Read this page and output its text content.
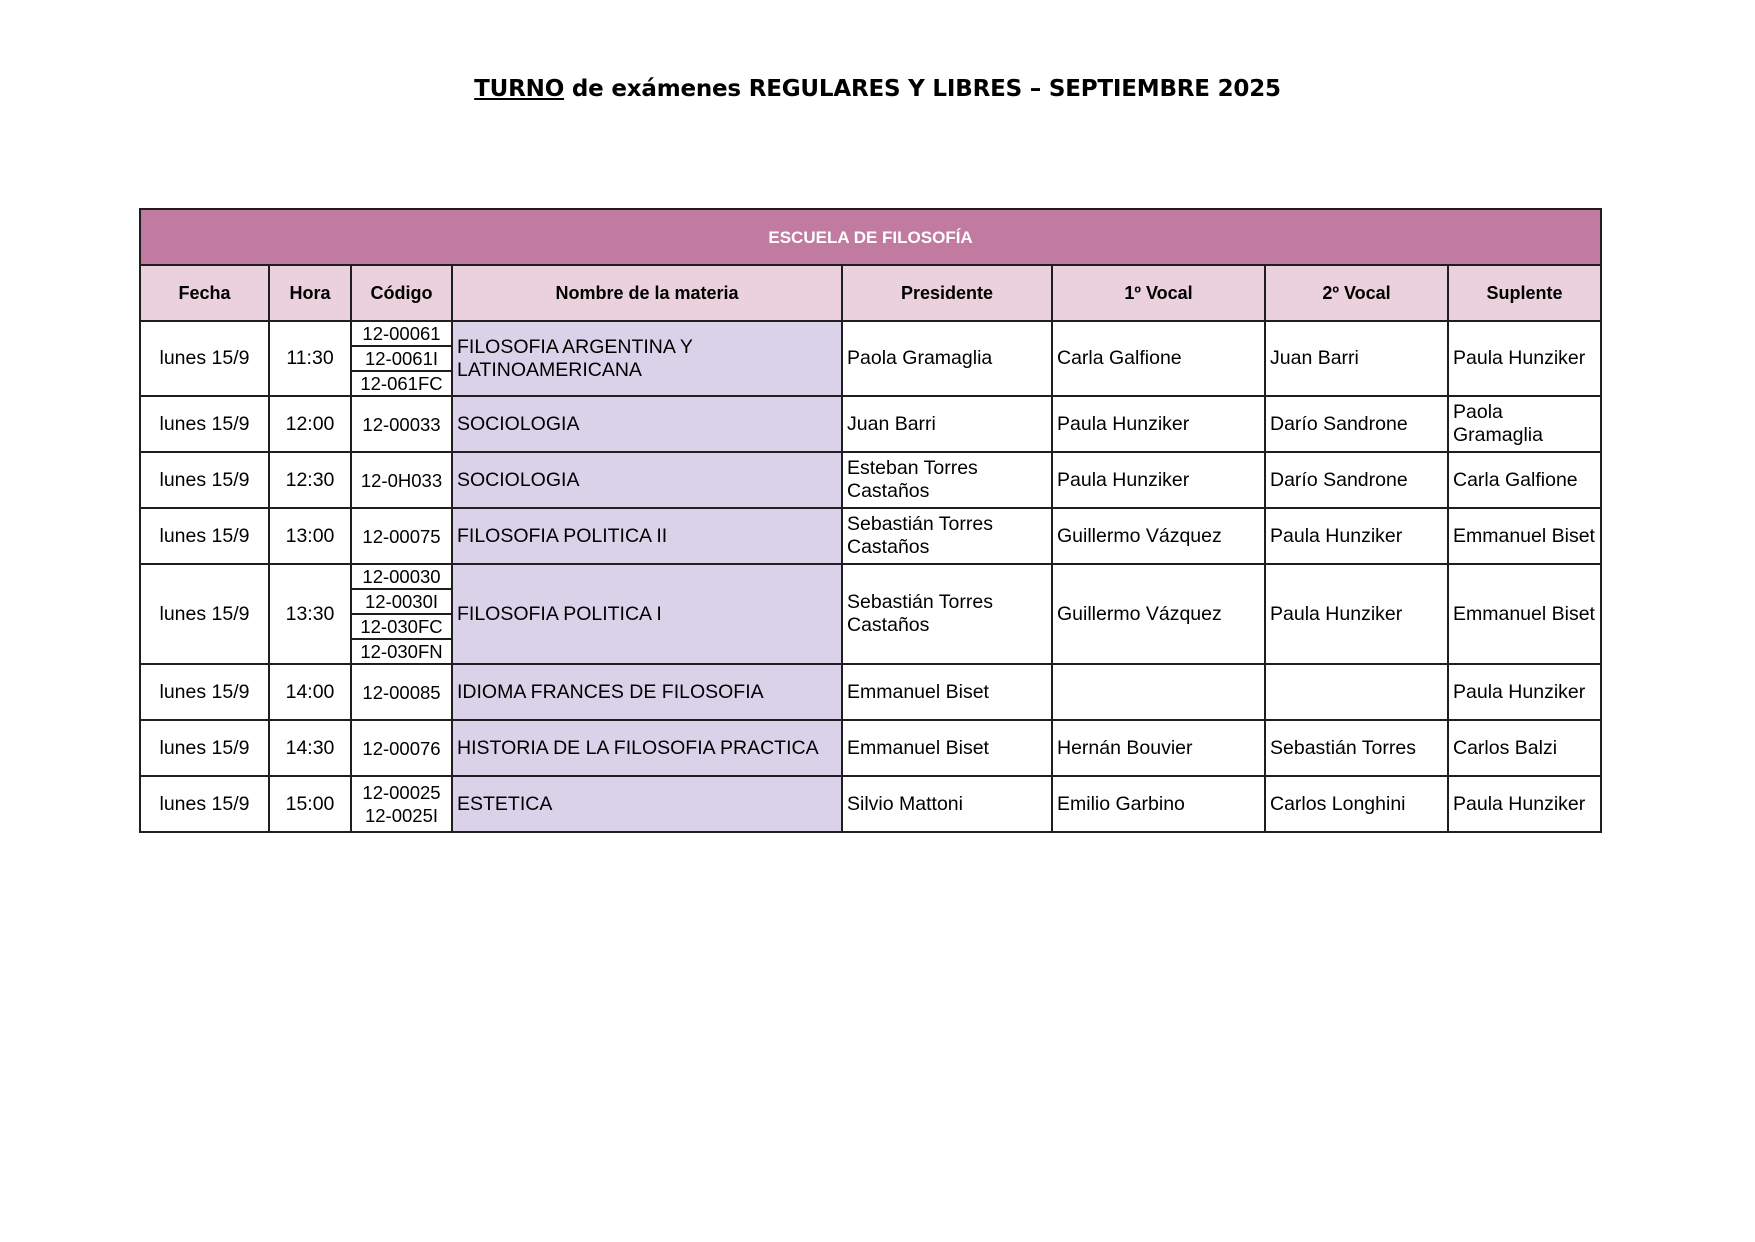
TURNO de exámenes REGULARES Y LIBRES – SEPTIEMBRE 2025
ESCUELA DE FILOSOFÍA							
Fecha	Hora	Código	Nombre de la materia	Presidente	1º Vocal	2º Vocal	Suplente
lunes 15/9	11:30	12-00061	FILOSOFIA ARGENTINA Y LATINOAMERICANA	Paola Gramaglia	Carla Galfione	Juan Barri	Paula Hunziker
		12-0061I					
		12-061FC					
lunes 15/9	12:00	12-00033	SOCIOLOGIA	Juan Barri	Paula Hunziker	Darío Sandrone	Paola Gramaglia
lunes 15/9	12:30	12-0H033	SOCIOLOGIA	Esteban Torres Castaños	Paula Hunziker	Darío Sandrone	Carla Galfione
lunes 15/9	13:00	12-00075	FILOSOFIA POLITICA II	Sebastián Torres Castaños	Guillermo Vázquez	Paula Hunziker	Emmanuel Biset
lunes 15/9	13:30	12-00030	FILOSOFIA POLITICA I	Sebastián Torres Castaños	Guillermo Vázquez	Paula Hunziker	Emmanuel Biset
		12-0030I					
		12-030FC					
		12-030FN					
lunes 15/9	14:00	12-00085	IDIOMA FRANCES DE FILOSOFIA	Emmanuel Biset			Paula Hunziker
lunes 15/9	14:30	12-00076	HISTORIA DE LA FILOSOFIA PRACTICA	Emmanuel Biset	Hernán Bouvier	Sebastián Torres	Carlos Balzi
lunes 15/9	15:00	12-00025 12-0025I	ESTETICA	Silvio Mattoni	Emilio Garbino	Carlos Longhini	Paula Hunziker
